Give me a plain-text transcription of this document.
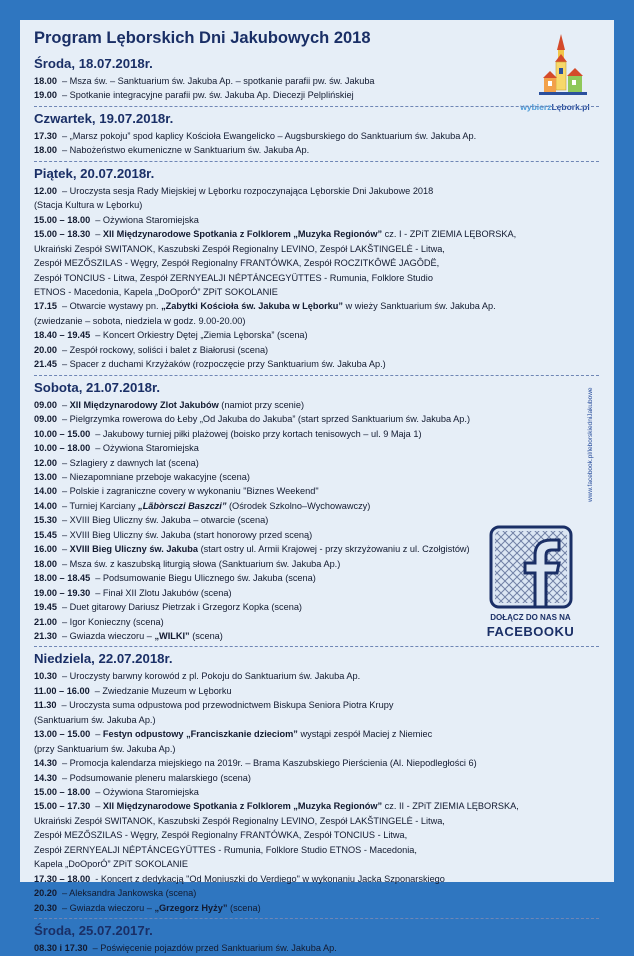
Program Lęborskich Dni Jakubowych 2018
wybierzLębork.pl
Środa, 18.07.2018r.
18.00 – Msza św. – Sanktuarium św. Jakuba Ap. – spotkanie parafii pw. św. Jakuba
19.00 – Spotkanie integracyjne parafii pw. św. Jakuba Ap. Diecezji Pelplińskiej
Czwartek, 19.07.2018r.
17.30 – „Marsz pokoju” spod kaplicy Kościoła Ewangelicko – Augsburskiego do Sanktuarium św. Jakuba Ap.
18.00 – Nabożeństwo ekumeniczne w Sanktuarium św. Jakuba Ap.
Piątek, 20.07.2018r.
12.00 – Uroczysta sesja Rady Miejskiej w Lęborku rozpoczynająca Lęborskie Dni Jakubowe 2018
(Stacja Kultura w Lęborku)
15.00 – 18.00 – Ożywiona Staromiejska
15.00 – 18.30 – XII Międzynarodowe Spotkania z Folklorem „Muzyka Regionów” cz. I - ZPiT ZIEMIA LĘBORSKA,
Ukraiński Zespół SWITANOK, Kaszubski Zespół Regionalny LEVINO, Zespół LAKŠTINGELĖ - Litwa,
Zespół MEZŐSZILAS - Węgry, Zespół Regionalny FRANTÓWKA, Zespół ROCZITKÔWÉ JAGÔDË,
Zespół TONCIUS - Litwa, Zespół ZERNYEALJI NÉPTÁNCEGYÜTTES - Rumunia, Folklore Studio
ETNOS - Macedonia, Kapela „DoOporÓ” ZPiT SOKOLANIE
17.15 – Otwarcie wystawy pn. „Zabytki Kościoła św. Jakuba w Lęborku” w wieży Sanktuarium św. Jakuba Ap.
(zwiedzanie – sobota, niedziela w godz. 9.00-20.00)
18.40 – 19.45 – Koncert Orkiestry Dętej „Ziemia Lęborska” (scena)
20.00 – Zespół rockowy, soliści i balet z Białorusi (scena)
21.45 – Spacer z duchami Krzyżaków (rozpoczęcie przy Sanktuarium św. Jakuba Ap.)
Sobota, 21.07.2018r.
09.00 – XII Międzynarodowy Zlot Jakubów (namiot przy scenie)
09.00 – Pielgrzymka rowerowa do Łeby „Od Jakuba do Jakuba” (start sprzed Sanktuarium św. Jakuba Ap.)
10.00 – 15.00 – Jakubowy turniej piłki plażowej (boisko przy kortach tenisowych – ul. 9 Maja 1)
10.00 – 18.00 – Ożywiona Staromiejska
12.00 – Szlagiery z dawnych lat (scena)
13.00 – Niezapomniane przeboje wakacyjne (scena)
14.00 – Polskie i zagraniczne covery w wykonaniu "Biznes Weekend"
14.00 – Turniej Karciany „Lãbòrsczi Baszczi” (Ośrodek Szkolno–Wychowawczy)
15.30 – XVIII Bieg Uliczny św. Jakuba – otwarcie (scena)
15.45 – XVIII Bieg Uliczny św. Jakuba (start honorowy przed sceną)
16.00 – XVIII Bieg Uliczny św. Jakuba (start ostry ul. Armii Krajowej - przy skrzyżowaniu z ul. Czołgistów)
18.00 – Msza św. z kaszubską liturgią słowa (Sanktuarium św. Jakuba Ap.)
18.00 – 18.45 – Podsumowanie Biegu Ulicznego św. Jakuba (scena)
19.00 – 19.30 – Finał XII Zlotu Jakubów (scena)
19.45 – Duet gitarowy Dariusz Pietrzak i Grzegorz Kopka (scena)
21.00 – Igor Konieczny (scena)
21.30 – Gwiazda wieczoru – „WILKI” (scena)
Niedziela, 22.07.2018r.
10.30 – Uroczysty barwny korowód z pl. Pokoju do Sanktuarium św. Jakuba Ap.
11.00 – 16.00 – Zwiedzanie Muzeum w Lęborku
11.30 – Uroczysta suma odpustowa pod przewodnictwem Biskupa Seniora Piotra Krupy
(Sanktuarium św. Jakuba Ap.)
13.00 – 15.00 – Festyn odpustowy „Franciszkanie dzieciom” wystąpi zespół Maciej z Niemiec
(przy Sanktuarium św. Jakuba Ap.)
14.30 – Promocja kalendarza miejskiego na 2019r. – Brama Kaszubskiego Pierścienia (Al. Niepodległości 6)
14.30 – Podsumowanie pleneru malarskiego (scena)
15.00 – 18.00 – Ożywiona Staromiejska
15.00 – 17.30 – XII Międzynarodowe Spotkania z Folklorem „Muzyka Regionów” cz. II - ZPiT ZIEMIA LĘBORSKA,
Ukraiński Zespół SWITANOK, Kaszubski Zespół Regionalny LEVINO, Zespół LAKŠTINGELĖ - Litwa,
Zespół MEZŐSZILAS - Węgry, Zespół Regionalny FRANTÓWKA, Zespół TONCIUS - Litwa,
Zespół ZERNYEALJI NÉPTÁNCEGYÜTTES - Rumunia, Folklore Studio ETNOS - Macedonia,
Kapela „DoOporÓ” ZPiT SOKOLANIE
17.30 – 18.00 - Koncert z dedykacją "Od Moniuszki do Verdiego" w wykonaniu Jacka Szponarskiego
20.20 – Aleksandra Jankowska (scena)
20.30 – Gwiazda wieczoru – „Grzegorz Hyży” (scena)
Środa, 25.07.2017r.
08.30 i 17.30 – Poświęcenie pojazdów przed Sanktuarium św. Jakuba Ap.
DOŁĄCZ DO NAS NA
FACEBOOKU
www.facebook.pl/leborskiedniJakubowe
